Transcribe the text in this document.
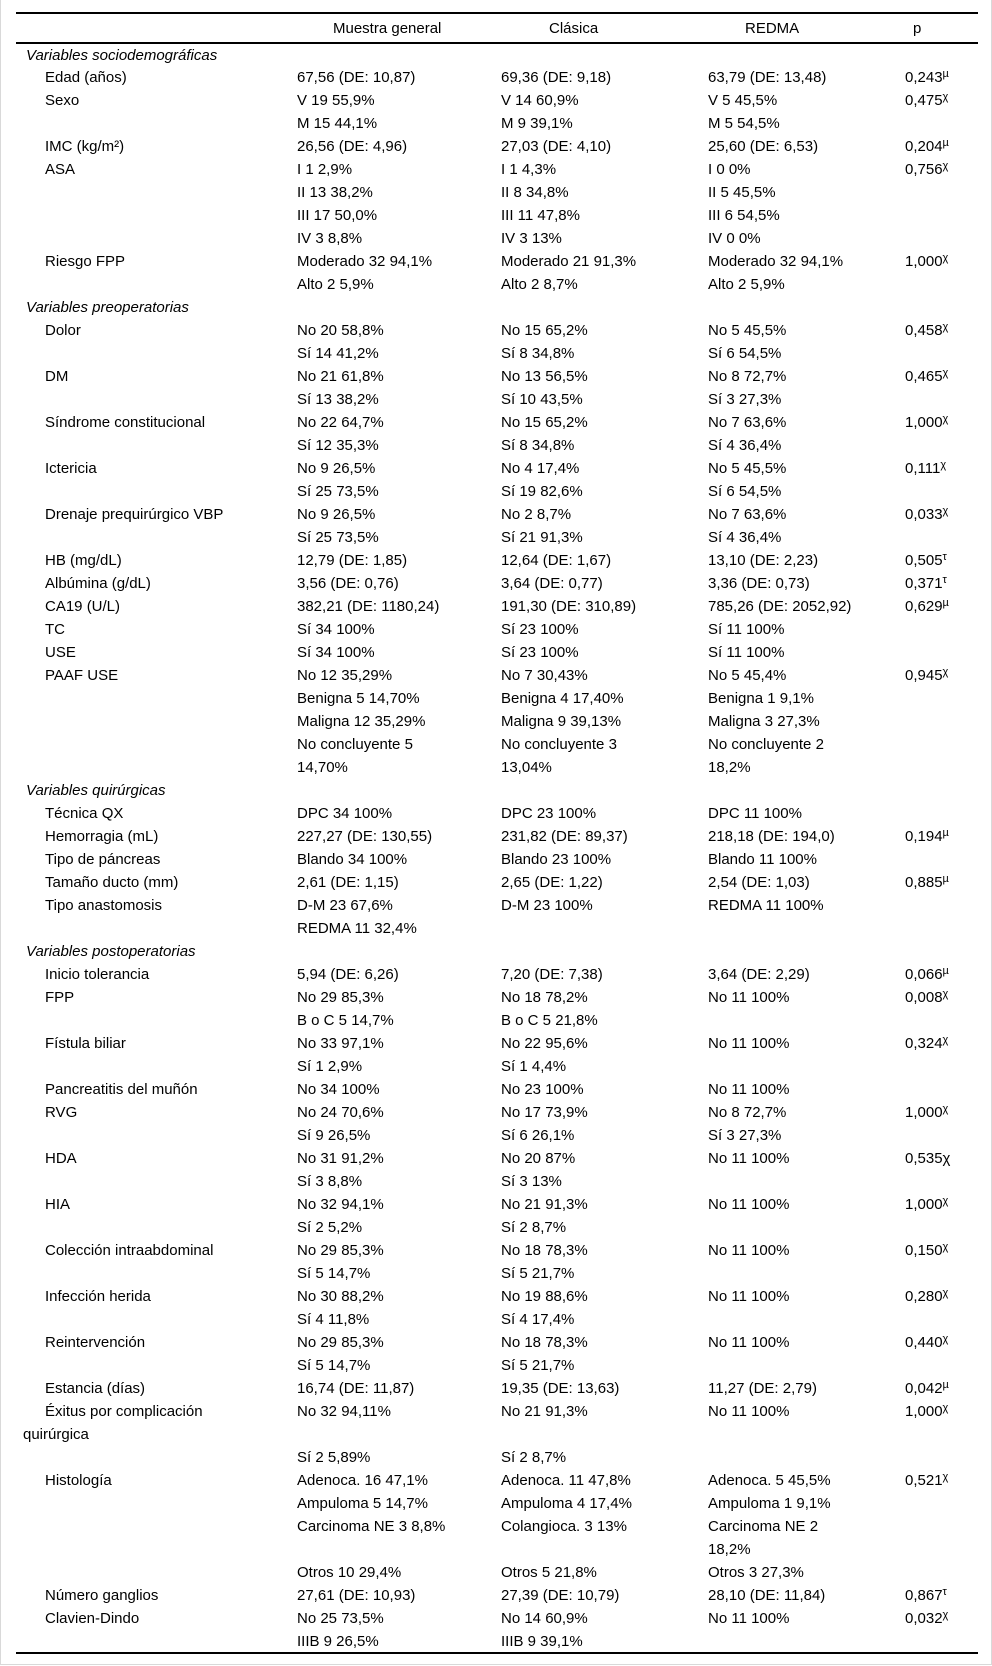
	Muestra general	Clásica	REDMA	p
Variables sociodemográficas				
Edad (años)	67,56 (DE: 10,87)	69,36 (DE: 9,18)	63,79 (DE: 13,48)	$0,243^\mu$
Sexo	V 19 55,9%	V 14 60,9%	V 5 45,5%	$0,475^\chi$
	M 15 44,1%	M 9 39,1%	M 5 54,5%	
IMC (kg/m²)	26,56 (DE: 4,96)	27,03 (DE: 4,10)	25,60 (DE: 6,53)	$0,204^\mu$
ASA	I 1 2,9%	I 1 4,3%	I 0 0%	$0,756^\chi$
	II 13 38,2%	II 8 34,8%	II 5 45,5%	
	III 17 50,0%	III 11 47,8%	III 6 54,5%	
	IV 3 8,8%	IV 3 13%	IV 0 0%	
Riesgo FPP	Moderado 32 94,1%	Moderado 21 91,3%	Moderado 32 94,1%	$1,000^\chi$
	Alto 2 5,9%	Alto 2 8,7%	Alto 2 5,9%	
Variables preoperatorias				
Dolor	No 20 58,8%	No 15 65,2%	No 5 45,5%	$0,458^\chi$
	Sí 14 41,2%	Sí 8 34,8%	Sí 6 54,5%	
DM	No 21 61,8%	No 13 56,5%	No 8 72,7%	$0,465^\chi$
	Sí 13 38,2%	Sí 10 43,5%	Sí 3 27,3%	
Síndrome constitucional	No 22 64,7%	No 15 65,2%	No 7 63,6%	$1,000^\chi$
	Sí 12 35,3%	Sí 8 34,8%	Sí 4 36,4%	
Ictericia	No 9 26,5%	No 4 17,4%	No 5 45,5%	$0,111^\chi$
	Sí 25 73,5%	Sí 19 82,6%	Sí 6 54,5%	
Drenaje prequirúrgico VBP	No 9 26,5%	No 2 8,7%	No 7 63,6%	$0,033^\chi$
	Sí 25 73,5%	Sí 21 91,3%	Sí 4 36,4%	
HB (mg/dL)	12,79 (DE: 1,85)	12,64 (DE: 1,67)	13,10 (DE: 2,23)	$0,505^\tau$
Albúmina (g/dL)	3,56 (DE: 0,76)	3,64 (DE: 0,77)	3,36 (DE: 0,73)	$0,371^\tau$
CA19 (U/L)	382,21 (DE: 1180,24)	191,30 (DE: 310,89)	785,26 (DE: 2052,92)	$0,629^\mu$
TC	Sí 34 100%	Sí 23 100%	Sí 11 100%	
USE	Sí 34 100%	Sí 23 100%	Sí 11 100%	
PAAF USE	No 12 35,29%	No 7 30,43%	No 5 45,4%	$0,945^\chi$
	Benigna 5 14,70%	Benigna 4 17,40%	Benigna 1 9,1%	
	Maligna 12 35,29%	Maligna 9 39,13%	Maligna 3 27,3%	
	No concluyente 5	No concluyente 3	No concluyente 2	
	14,70%	13,04%	18,2%	
Variables quirúrgicas				
Técnica QX	DPC 34 100%	DPC 23 100%	DPC 11 100%	
Hemorragia (mL)	227,27 (DE: 130,55)	231,82 (DE: 89,37)	218,18 (DE: 194,0)	$0,194^\mu$
Tipo de páncreas	Blando 34 100%	Blando 23 100%	Blando 11 100%	
Tamaño ducto (mm)	2,61 (DE: 1,15)	2,65 (DE: 1,22)	2,54 (DE: 1,03)	$0,885^\mu$
Tipo anastomosis	D-M 23 67,6%	D-M 23 100%	REDMA 11 100%	
	REDMA 11 32,4%			
Variables postoperatorias				
Inicio tolerancia	5,94 (DE: 6,26)	7,20 (DE: 7,38)	3,64 (DE: 2,29)	$0,066^\mu$
FPP	No 29 85,3%	No 18 78,2%	No 11 100%	$0,008^\chi$
	B o C 5 14,7%	B o C 5 21,8%		
Fístula biliar	No 33 97,1%	No 22 95,6%	No 11 100%	$0,324^\chi$
	Sí 1 2,9%	Sí 1 4,4%		
Pancreatitis del muñón	No 34 100%	No 23 100%	No 11 100%	
RVG	No 24 70,6%	No 17 73,9%	No 8 72,7%	$1,000^\chi$
	Sí 9 26,5%	Sí 6 26,1%	Sí 3 27,3%	
HDA	No 31 91,2%	No 20 87%	No 11 100%	0,535χ
	Sí 3 8,8%	Sí 3 13%		
HIA	No 32 94,1%	No 21 91,3%	No 11 100%	$1,000^\chi$
	Sí 2 5,2%	Sí 2 8,7%		
Colección intraabdominal	No 29 85,3%	No 18 78,3%	No 11 100%	$0,150^\chi$
	Sí 5 14,7%	Sí 5 21,7%		
Infección herida	No 30 88,2%	No 19 88,6%	No 11 100%	$0,280^\chi$
	Sí 4 11,8%	Sí 4 17,4%		
Reintervención	No 29 85,3%	No 18 78,3%	No 11 100%	$0,440^\chi$
	Sí 5 14,7%	Sí 5 21,7%		
Estancia (días)	16,74 (DE: 11,87)	19,35 (DE: 13,63)	11,27 (DE: 2,79)	$0,042^\mu$
Éxitus por complicación	No 32 94,11%	No 21 91,3%	No 11 100%	$1,000^\chi$
quirúrgica				
	Sí 2 5,89%	Sí 2 8,7%		
Histología	Adenoca. 16 47,1%	Adenoca. 11 47,8%	Adenoca. 5 45,5%	$0,521^\chi$
	Ampuloma 5 14,7%	Ampuloma 4 17,4%	Ampuloma 1 9,1%	
	Carcinoma NE 3 8,8%	Colangioca. 3 13%	Carcinoma NE 2	
			18,2%	
	Otros 10 29,4%	Otros 5 21,8%	Otros 3 27,3%	
Número ganglios	27,61 (DE: 10,93)	27,39 (DE: 10,79)	28,10 (DE: 11,84)	$0,867^\tau$
Clavien-Dindo	No 25 73,5%	No 14 60,9%	No 11 100%	$0,032^\chi$
	IIIB 9 26,5%	IIIB 9 39,1%		
